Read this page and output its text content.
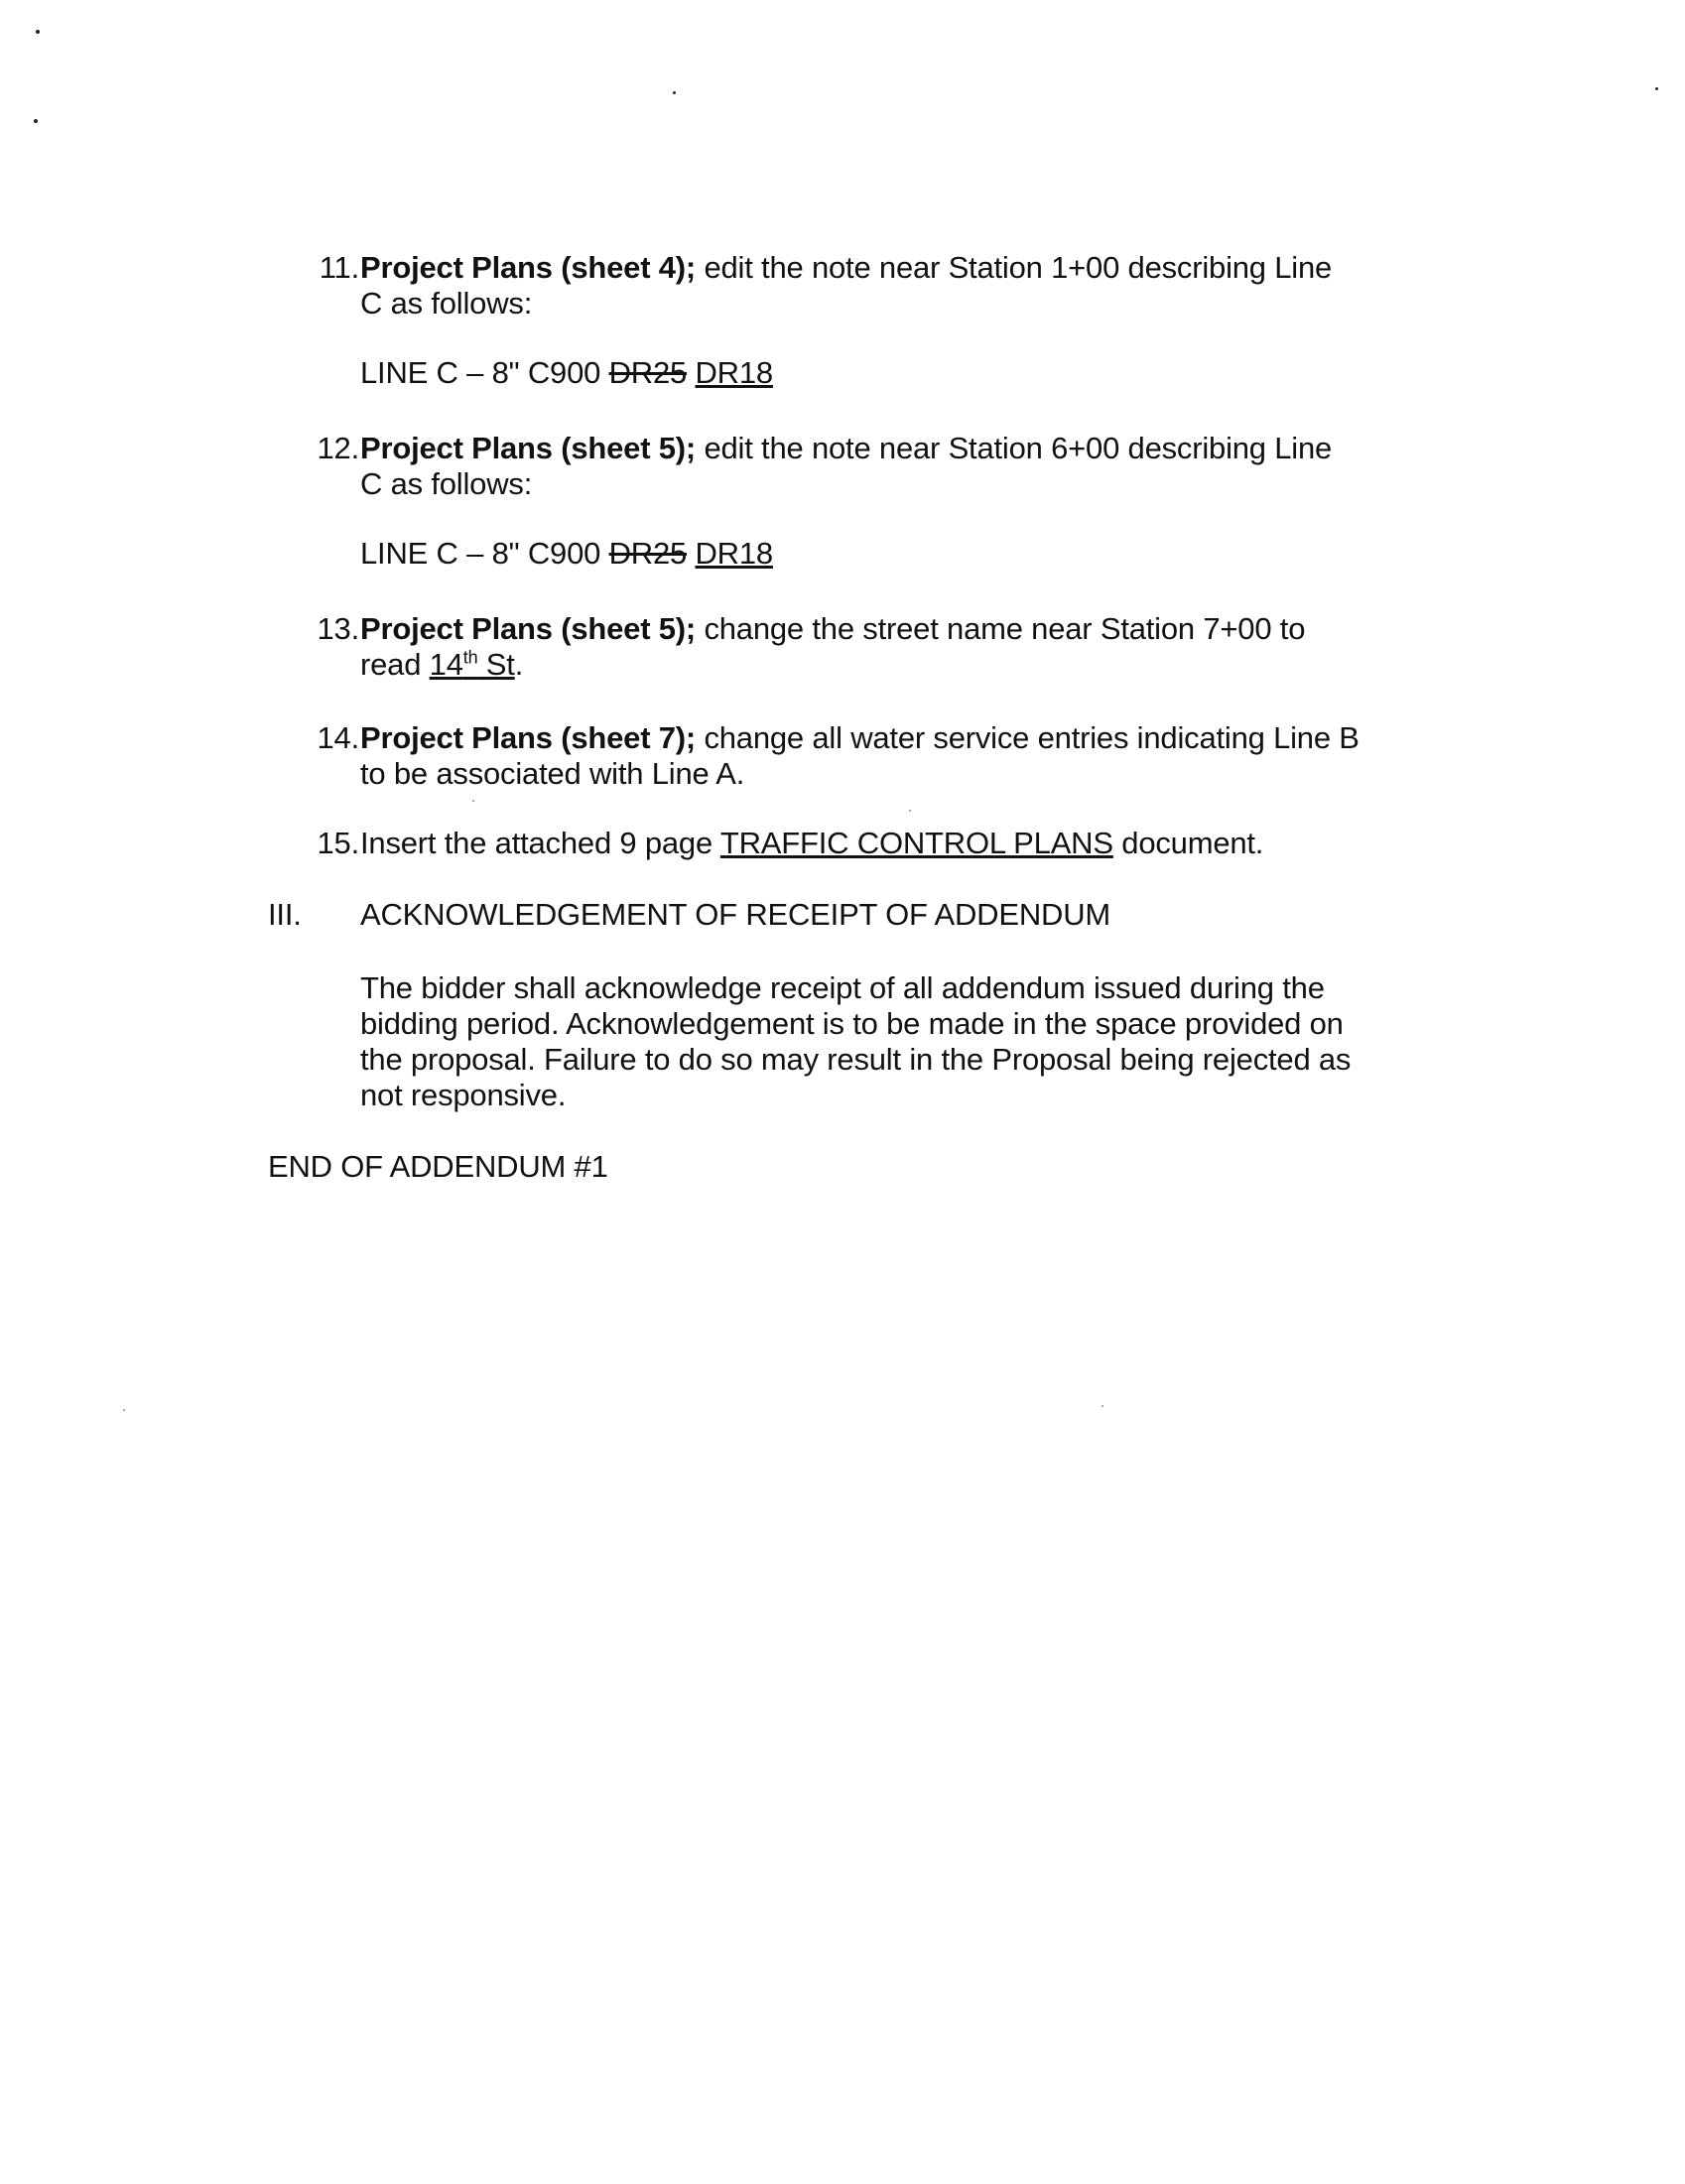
11. Project Plans (sheet 4); edit the note near Station 1+00 describing Line
C as follows:
LINE C – 8" C900 DR25 DR18
12. Project Plans (sheet 5); edit the note near Station 6+00 describing Line
C as follows:
LINE C – 8" C900 DR25 DR18
13. Project Plans (sheet 5); change the street name near Station 7+00 to
read 14th St.
14. Project Plans (sheet 7); change all water service entries indicating Line B
to be associated with Line A.
15. Insert the attached 9 page TRAFFIC CONTROL PLANS document.
III. ACKNOWLEDGEMENT OF RECEIPT OF ADDENDUM
The bidder shall acknowledge receipt of all addendum issued during the
bidding period. Acknowledgement is to be made in the space provided on
the proposal. Failure to do so may result in the Proposal being rejected as
not responsive.
END OF ADDENDUM #1
